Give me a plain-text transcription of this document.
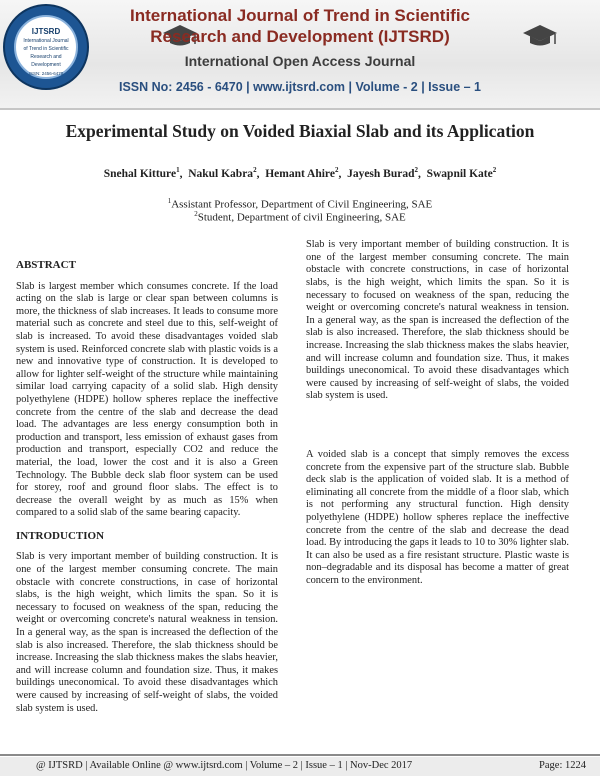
IJTSRD
International Journal
of Trend in Scientific
Research and
Development
ISSN: 2456-6470
International Journal of Trend in Scientific
Research and Development (IJTSRD)
International Open Access Journal
ISSN No: 2456 - 6470 | www.ijtsrd.com | Volume - 2 | Issue – 1
Experimental Study on Voided Biaxial Slab and its Application
Snehal Kitture$^1$,  Nakul Kabra$^2$,  Hemant Ahire$^2$,  Jayesh Burad$^2$,  Swapnil Kate$^2$
$^1$Assistant Professor, Department of Civil Engineering, SAE
$^2$Student, Department of civil Engineering, SAE
ABSTRACT

Slab is largest member which consumes concrete. If the load acting on the slab is large or clear span between columns is more, the thickness of slab increases. It leads to consume more material such as concrete and steel due to this, self-weight of slab is increased. To avoid these disadvantages voided slab system is used. Reinforced concrete slab with plastic voids is a new and innovative type of construction. It is developed to allow for lighter self-weight of the structure while maintaining similar load carrying capacity of a solid slab. High density polyethylene (HDPE) hollow spheres replace the ineffective concrete from the centre of the slab and decrease the dead load. The advantages are less energy consumption both in production and transport, less emission of exhaust gases from production and transport, especially CO2 and reduce the material, the load, lower the cost and it is also a Green Technology. The Bubble deck slab floor system can be used for storey, roof and ground floor slabs. The effect is to decrease the overall weight by as much as 15% when compared to a solid slab of the same bearing capacity.

INTRODUCTION

Slab is very important member of building construction. It is one of the largest member consuming concrete. The main obstacle with concrete constructions, in case of horizontal slabs, is the high weight, which limits the span. So it is necessary to focused on weakness of the span, reducing the weight or overcoming concrete's natural weakness in tension. In a general way, as the span is increased the deflection of the slab is also increased. Therefore, the slab thickness should be increase. Increasing the slab thickness makes the slabs heavier, and will increase column and foundation size. Thus, it makes buildings uneconomical. To avoid these disadvantages which were caused by increasing of self-weight of slabs, the voided slab system is used.

Slab is very important member of building construction. It is one of the largest member consuming concrete. The main obstacle with concrete constructions, in case of horizontal slabs, is the high weight, which limits the span. So it is necessary to focused on weakness of the span, reducing the weight or overcoming concrete's natural weakness in tension. In a general way, as the span is increased the deflection of the slab is also increased. Therefore, the slab thickness should be increase. Increasing the slab thickness makes the slabs heavier, and will increase column and foundation size. Thus, it makes buildings uneconomical. To avoid these disadvantages which were caused by increasing of self-weight of slabs, the voided slab system is used.

A voided slab is a concept that simply removes the excess concrete from the expensive part of the structure slab. Bubble deck slab is the application of voided slab. It is a method of eliminating all concrete from the middle of a floor slab, which is not performing any structural function. High density polyethylene (HDPE) hollow spheres replace the ineffective concrete from the centre of the slab and decrease the dead load. By introducing the gaps it leads to 10 to 30% lighter slab. It can also be used as a fire resistant structure. Plastic waste is non–degradable and its disposal has become a matter of great concern to the environment.

@ IJTSRD | Available Online @ www.ijtsrd.com | Volume – 2 | Issue – 1 | Nov-Dec 2017	Page: 1224
